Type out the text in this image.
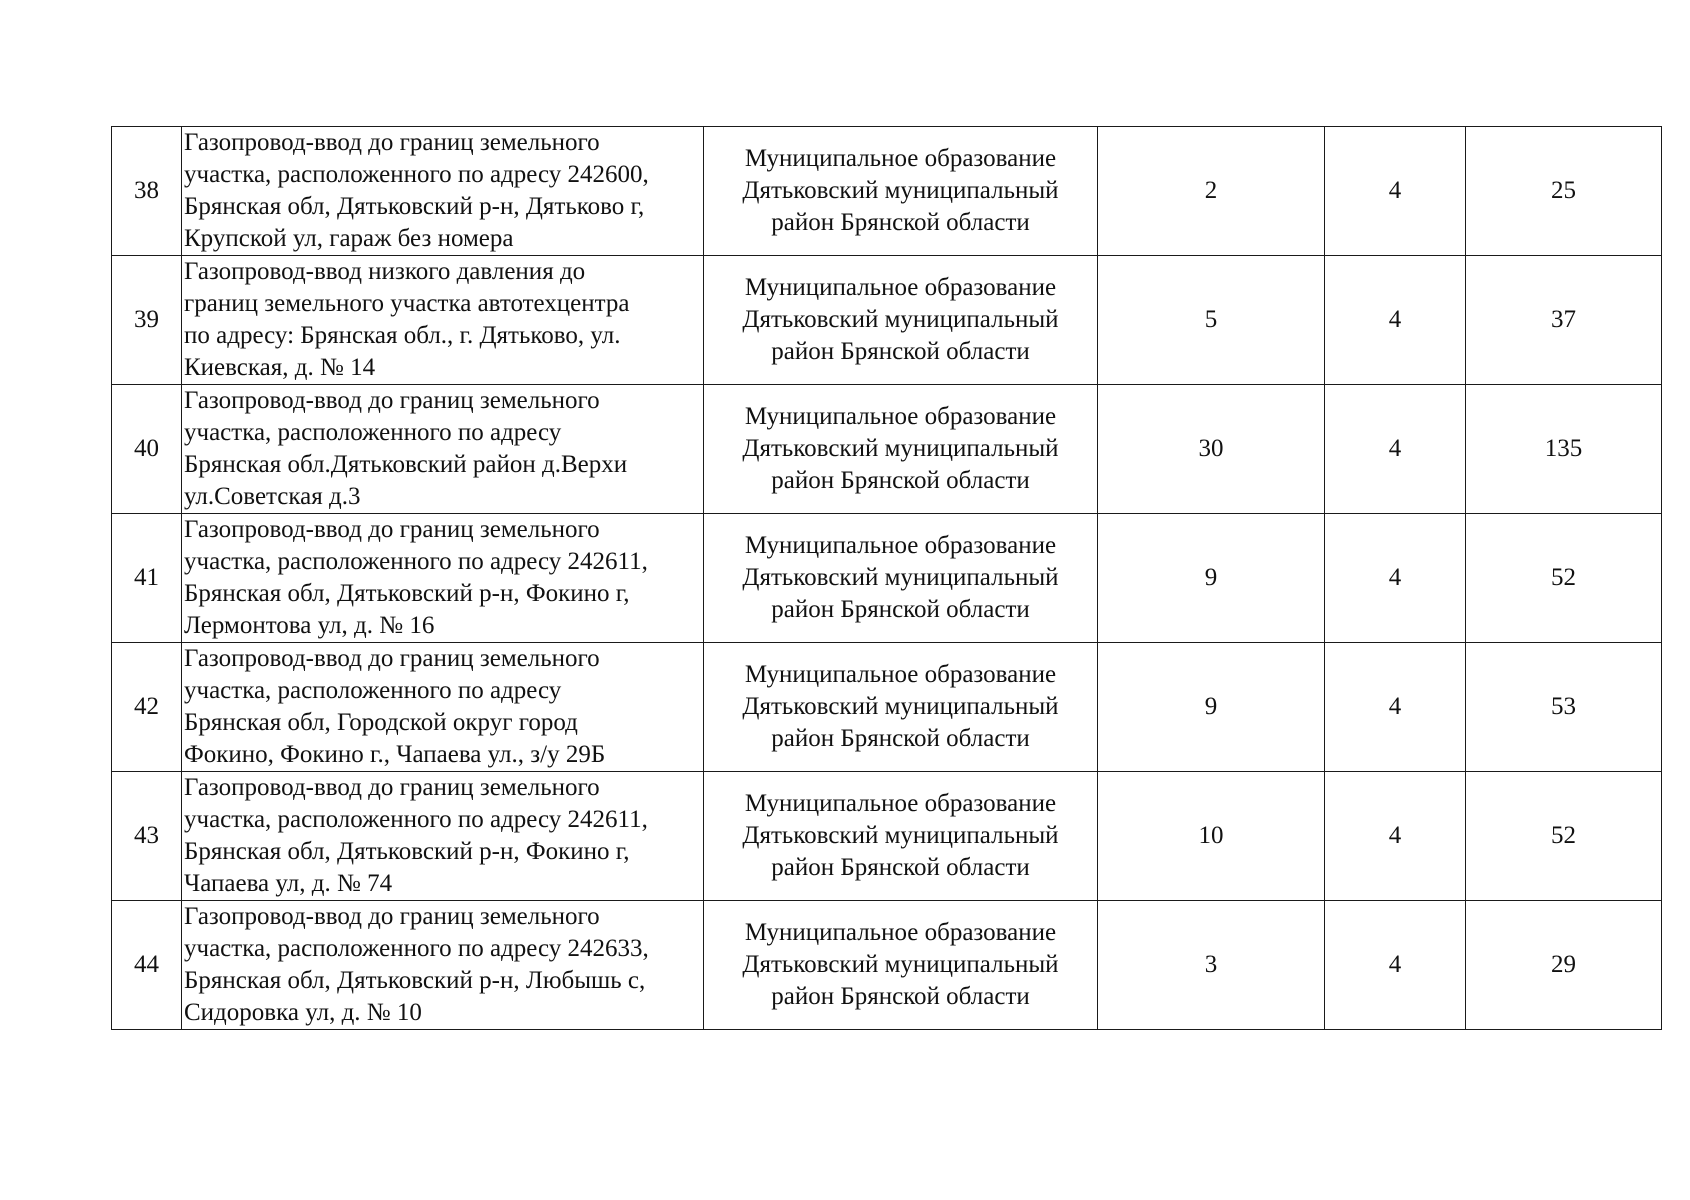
38	Газопровод-ввод до границ земельного
участка, расположенного по адресу 242600,
Брянская обл, Дятьковский р-н, Дятьково г,
Крупской ул, гараж без номера	Муниципальное образование
Дятьковский муниципальный
район Брянской области	2	4	25

39	Газопровод-ввод низкого давления до
границ земельного участка автотехцентра
по адресу: Брянская обл., г. Дятьково, ул.
Киевская, д. № 14	Муниципальное образование
Дятьковский муниципальный
район Брянской области	5	4	37

40	Газопровод-ввод до границ земельного
участка, расположенного по адресу
Брянская обл.Дятьковский район д.Верхи
ул.Советская д.3	Муниципальное образование
Дятьковский муниципальный
район Брянской области	30	4	135

41	Газопровод-ввод до границ земельного
участка, расположенного по адресу 242611,
Брянская обл, Дятьковский р-н, Фокино г,
Лермонтова ул, д. № 16	Муниципальное образование
Дятьковский муниципальный
район Брянской области	9	4	52

42	Газопровод-ввод до границ земельного
участка, расположенного по адресу
Брянская обл, Городской округ город
Фокино, Фокино г., Чапаева ул., з/у 29Б	Муниципальное образование
Дятьковский муниципальный
район Брянской области	9	4	53

43	Газопровод-ввод до границ земельного
участка, расположенного по адресу 242611,
Брянская обл, Дятьковский р-н, Фокино г,
Чапаева ул, д. № 74	Муниципальное образование
Дятьковский муниципальный
район Брянской области	10	4	52

44	Газопровод-ввод до границ земельного
участка, расположенного по адресу 242633,
Брянская обл, Дятьковский р-н, Любышь с,
Сидоровка ул, д. № 10	Муниципальное образование
Дятьковский муниципальный
район Брянской области	3	4	29
